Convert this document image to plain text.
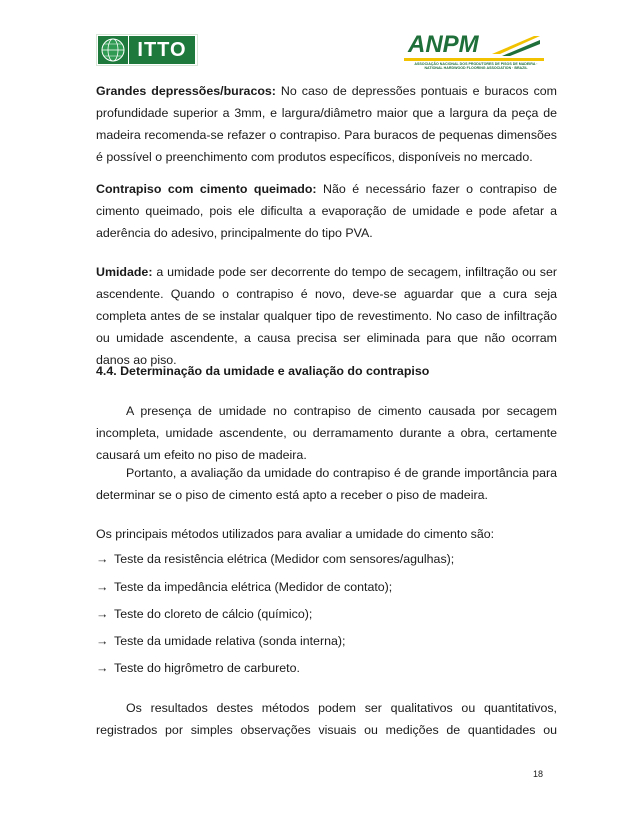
ITTO	ANPM
ASSOCIAÇÃO NACIONAL DOS PRODUTORES DE PISOS DE MADEIRA · NATIONAL HARDWOOD FLOORING ASSOCIATION · BRAZIL

Grandes depressões/buracos: No caso de depressões pontuais e buracos com profundidade superior a 3mm, e largura/diâmetro maior que a largura da peça de madeira recomenda-se refazer o contrapiso. Para buracos de pequenas dimensões é possível o preenchimento com produtos específicos, disponíveis no mercado.

Contrapiso com cimento queimado: Não é necessário fazer o contrapiso de cimento queimado, pois ele dificulta a evaporação de umidade e pode afetar a aderência do adesivo, principalmente do tipo PVA.

Umidade: a umidade pode ser decorrente do tempo de secagem, infiltração ou ser ascendente. Quando o contrapiso é novo, deve-se aguardar que a cura seja completa antes de se instalar qualquer tipo de revestimento. No caso de infiltração ou umidade ascendente, a causa precisa ser eliminada para que não ocorram danos ao piso.

4.4. Determinação da umidade e avaliação do contrapiso

A presença de umidade no contrapiso de cimento causada por secagem incompleta, umidade ascendente, ou derramamento durante a obra, certamente causará um efeito no piso de madeira.

Portanto, a avaliação da umidade do contrapiso é de grande importância para determinar se o piso de cimento está apto a receber o piso de madeira.

Os principais métodos utilizados para avaliar a umidade do cimento são:

→ Teste da resistência elétrica (Medidor com sensores/agulhas);

→ Teste da impedância elétrica (Medidor de contato);

→ Teste do cloreto de cálcio (químico);

→ Teste da umidade relativa (sonda interna);

→ Teste do higrômetro de carbureto.

Os resultados destes métodos podem ser qualitativos ou quantitativos, registrados por simples observações visuais ou medições de quantidades ou

18
